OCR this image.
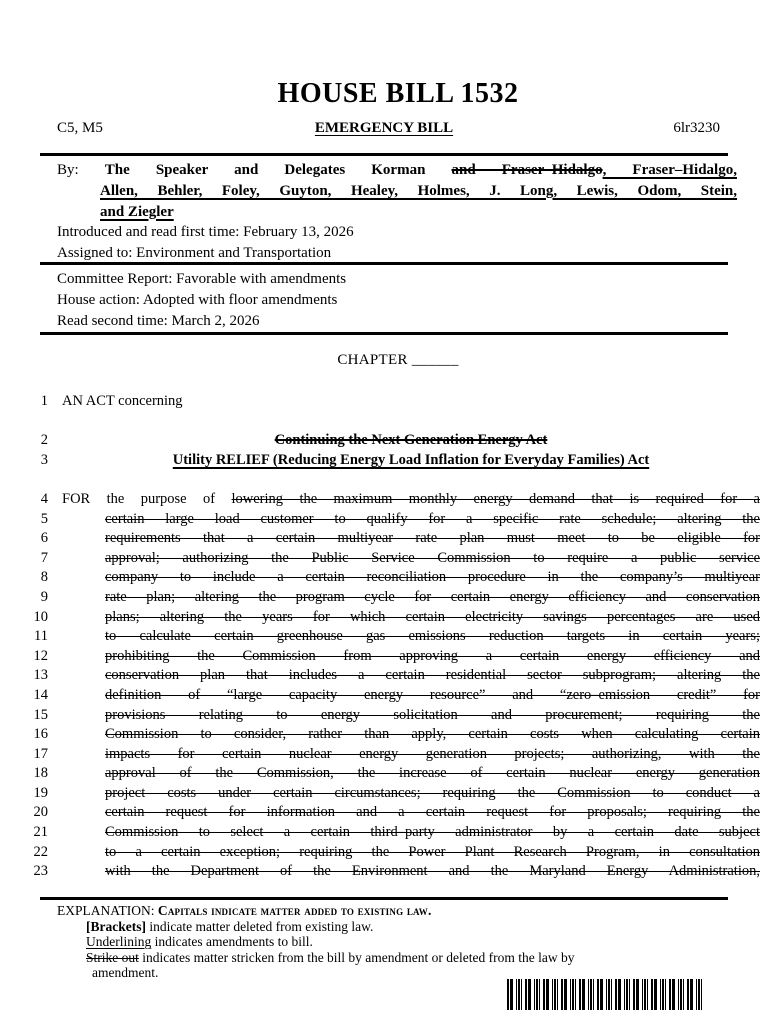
HOUSE BILL 1532
C5, M5	EMERGENCY BILL	6lr3230
By: The Speaker and Delegates Korman and Fraser–Hidalgo, Fraser–Hidalgo,
Allen, Behler, Foley, Guyton, Healey, Holmes, J. Long, Lewis, Odom, Stein,
and Ziegler
Introduced and read first time: February 13, 2026
Assigned to: Environment and Transportation
Committee Report: Favorable with amendments
House action: Adopted with floor amendments
Read second time: March 2, 2026
CHAPTER ______
1 AN ACT concerning
2	Continuing the Next Generation Energy Act
3	Utility RELIEF (Reducing Energy Load Inflation for Everyday Families) Act
4 FOR the purpose of lowering the maximum monthly energy demand that is required for a
5	certain large load customer to qualify for a specific rate schedule; altering the
6	requirements that a certain multiyear rate plan must meet to be eligible for
7	approval; authorizing the Public Service Commission to require a public service
8	company to include a certain reconciliation procedure in the company’s multiyear
9	rate plan; altering the program cycle for certain energy efficiency and conservation
10	plans; altering the years for which certain electricity savings percentages are used
11	to calculate certain greenhouse gas emissions reduction targets in certain years;
12	prohibiting the Commission from approving a certain energy efficiency and
13	conservation plan that includes a certain residential sector subprogram; altering the
14	definition of “large capacity energy resource” and “zero–emission credit” for
15	provisions relating to energy solicitation and procurement; requiring the
16	Commission to consider, rather than apply, certain costs when calculating certain
17	impacts for certain nuclear energy generation projects; authorizing, with the
18	approval of the Commission, the increase of certain nuclear energy generation
19	project costs under certain circumstances; requiring the Commission to conduct a
20	certain request for information and a certain request for proposals; requiring the
21	Commission to select a certain third–party administrator by a certain date subject
22	to a certain exception; requiring the Power Plant Research Program, in consultation
23	with the Department of the Environment and the Maryland Energy Administration,
EXPLANATION: Capitals indicate matter added to existing law.
[Brackets] indicate matter deleted from existing law.
Underlining indicates amendments to bill.
Strike out indicates matter stricken from the bill by amendment or deleted from the law by
amendment.
